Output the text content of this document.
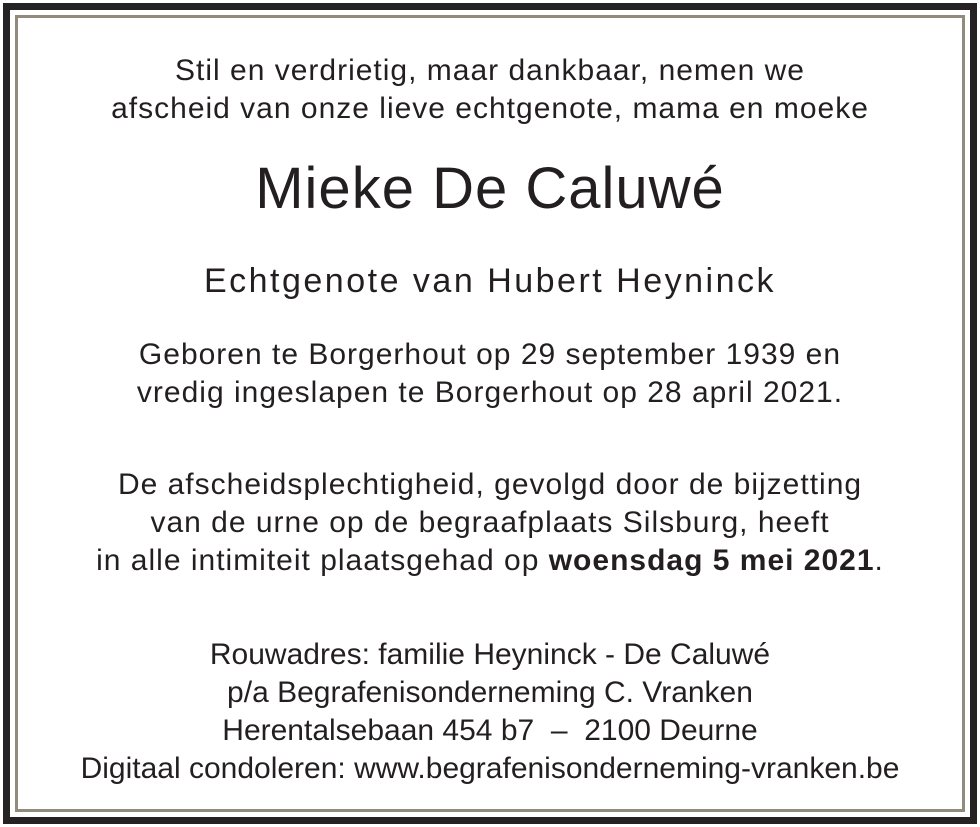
Stil en verdrietig, maar dankbaar, nemen we
afscheid van onze lieve echtgenote, mama en moeke
Mieke De Caluwé
Echtgenote van Hubert Heyninck
Geboren te Borgerhout op 29 september 1939 en
vredig ingeslapen te Borgerhout op 28 april 2021.
De afscheidsplechtigheid, gevolgd door de bijzetting
van de urne op de begraafplaats Silsburg, heeft
in alle intimiteit plaatsgehad op woensdag 5 mei 2021.
Rouwadres: familie Heyninck - De Caluwé
p/a Begrafenisonderneming C. Vranken
Herentalsebaan 454 b7  –  2100 Deurne
Digitaal condoleren: www.begrafenisonderneming-vranken.be
